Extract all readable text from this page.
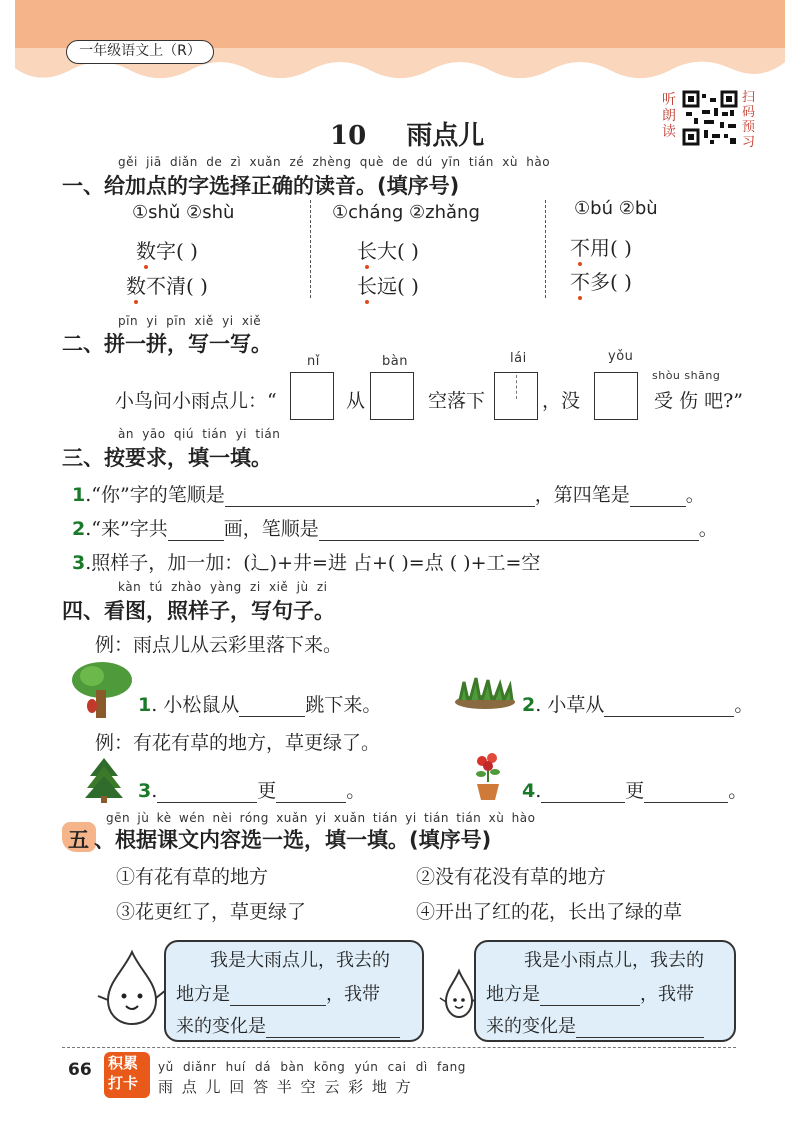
一年级语文上（R）
听朗读
扫码预习
10 雨点儿
gěi jiā diǎn de zì xuǎn zé zhèng què de dú yīn tián xù hào
一、给加点的字选择正确的读音。(填序号)
①shǔ ②shù
数字( )
数不清( )
①cháng ②zhǎng
长大( )
长远( )
①bú ②bù
不用( )
不多( )
pīn yi pīn xiě yi xiě
二、拼一拼，写一写。
nǐ	bàn	lái	yǒu
shòu shāng
小鸟问小雨点儿：“	从	空落下	，没	受 伤 吧?”
àn yāo qiú tián yi tián
三、按要求，填一填。
1.“你”字的笔顺是	，第四笔是	。
2.“来”字共	画，笔顺是	。
3.照样子，加一加：(辶)+井=进 占+( )=点 ( )+工=空
kàn tú zhào yàng zi xiě jù zi
四、看图，照样子，写句子。
例：雨点儿从云彩里落下来。
1. 小松鼠从	跳下来。	2. 小草从	。
例：有花有草的地方，草更绿了。
3.	更	。	4.	更	。
gēn jù kè wén nèi róng xuǎn yi xuǎn tián yi tián tián xù hào
五 、根据课文内容选一选，填一填。(填序号)
①有花有草的地方	②没有花没有草的地方
③花更红了，草更绿了	④开出了红的花，长出了绿的草
我是大雨点儿，我去的
地方是	，我带
来的变化是
我是小雨点儿，我去的
地方是	，我带
来的变化是
66 积累
打卡
yǔ diǎnr huí dá bàn kōng yún cai dì fang
雨 点 儿 回 答 半 空 云 彩 地 方
